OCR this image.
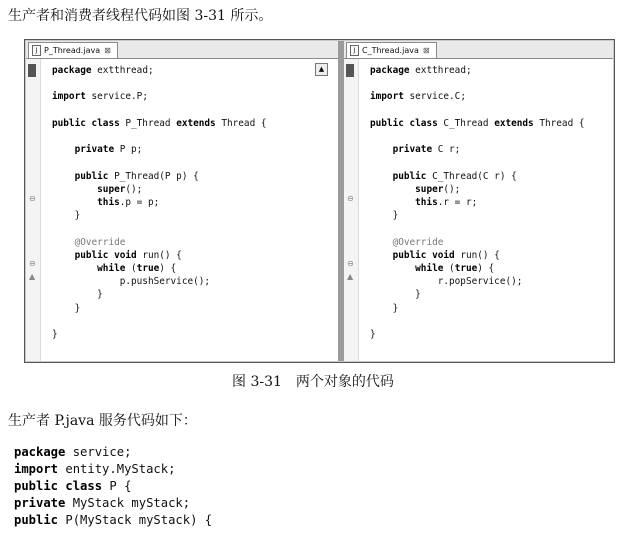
生产者和消费者线程代码如图 3-31 所示。
J P_Thread.java ⊠
⊖
⊖
▲
package extthread;

import service.P;

public class P_Thread extends Thread {

private P p;

public P_Thread(P p) {
super();
this.p = p;
}

@Override
public void run() {
while (true) {
p.pushService();
}
}

}
▲
J C_Thread.java ⊠
⊖
⊖
▲
package extthread;

import service.C;

public class C_Thread extends Thread {

private C r;

public C_Thread(C r) {
super();
this.r = r;
}

@Override
public void run() {
while (true) {
r.popService();
}
}

}
图 3-31　两个对象的代码
生产者 P.java 服务代码如下：
package service;
import entity.MyStack;
public class P {
private MyStack myStack;
public P(MyStack myStack) {
